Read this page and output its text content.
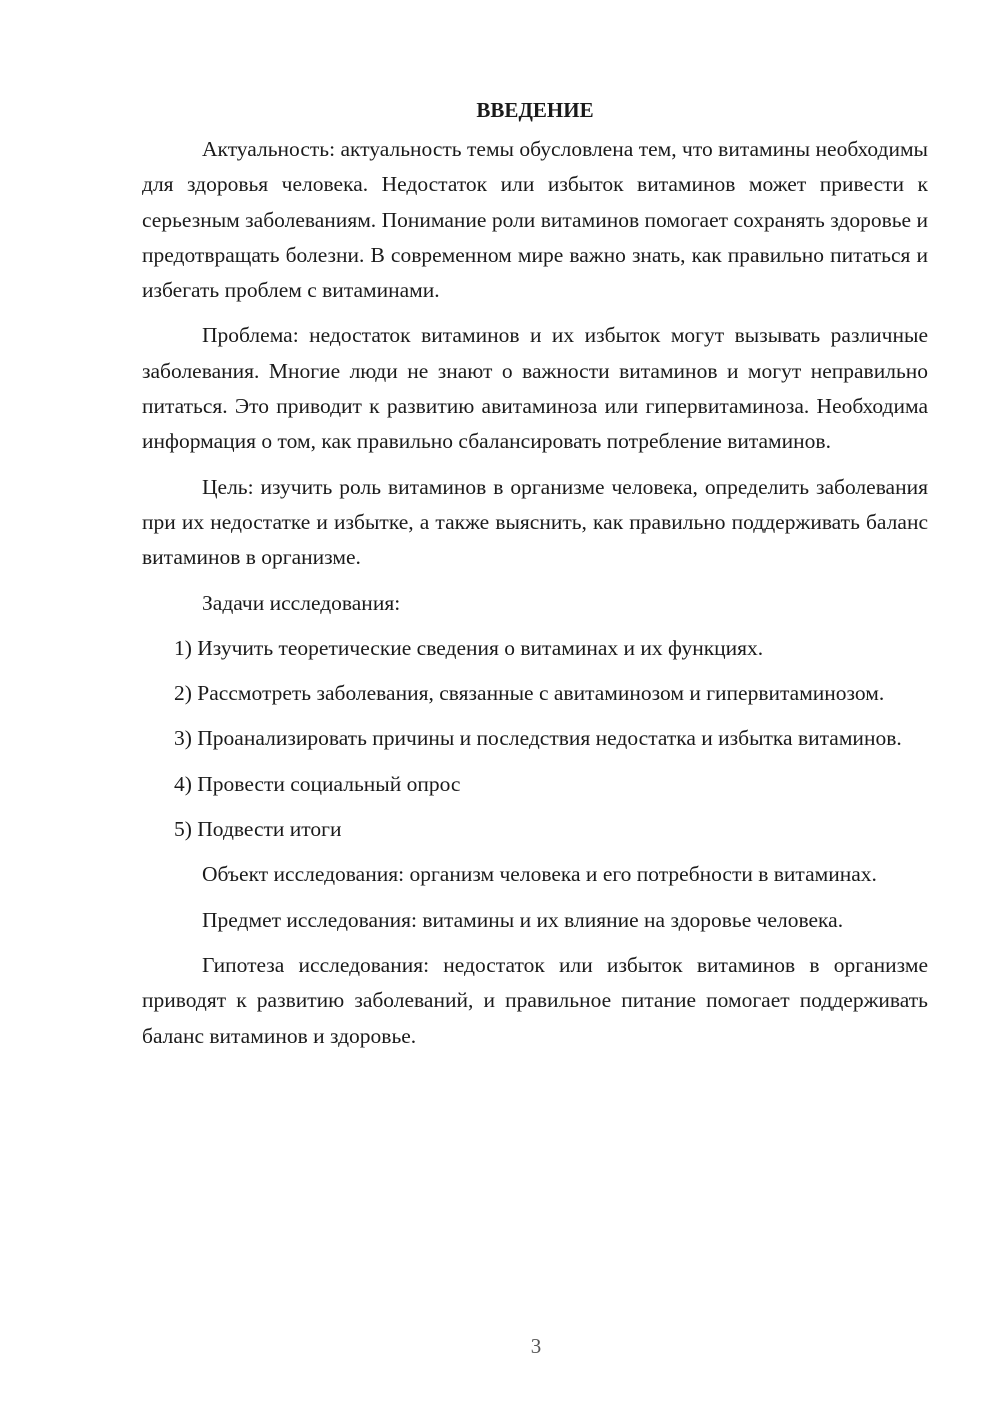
ВВЕДЕНИЕ

Актуальность: актуальность темы обусловлена тем, что витамины необходимы для здоровья человека. Недостаток или избыток витаминов может привести к серьезным заболеваниям. Понимание роли витаминов помогает сохранять здоровье и предотвращать болезни. В современном мире важно знать, как правильно питаться и избегать проблем с витаминами.

Проблема: недостаток витаминов и их избыток могут вызывать различные заболевания. Многие люди не знают о важности витаминов и могут неправильно питаться. Это приводит к развитию авитаминоза или гипервитаминоза. Необходима информация о том, как правильно сбалансировать потребление витаминов.

Цель: изучить роль витаминов в организме человека, определить заболевания при их недостатке и избытке, а также выяснить, как правильно поддерживать баланс витаминов в организме.

Задачи исследования:

1) Изучить теоретические сведения о витаминах и их функциях.

2) Рассмотреть заболевания, связанные с авитаминозом и гипервитаминозом.

3) Проанализировать причины и последствия недостатка и избытка витаминов.

4) Провести социальный опрос

5) Подвести итоги

Объект исследования: организм человека и его потребности в витаминах.

Предмет исследования: витамины и их влияние на здоровье человека.

Гипотеза исследования: недостаток или избыток витаминов в организме приводят к развитию заболеваний, и правильное питание помогает поддерживать баланс витаминов и здоровье.

3
